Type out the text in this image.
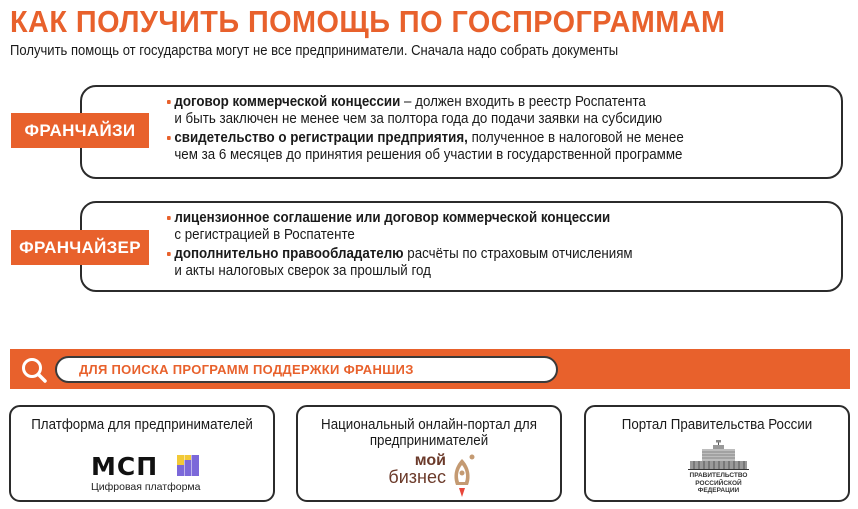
КАК ПОЛУЧИТЬ ПОМОЩЬ ПО ГОСПРОГРАММАМ
Получить помощь от государства могут не все предприниматели. Сначала надо собрать документы
ФРАНЧАЙЗИ
договор коммерческой концессии – должен входить в реестр Роспатента
и быть заключен не менее чем за полтора года до подачи заявки на субсидию
свидетельство о регистрации предприятия, полученное в налоговой не менее
чем за 6 месяцев до принятия решения об участии в государственной программе
ФРАНЧАЙЗЕР
лицензионное соглашение или договор коммерческой концессии
с регистрацией в Роспатенте
дополнительно правообладателю расчёты по страховым отчислениям
и акты налоговых сверок за прошлый год
ДЛЯ ПОИСКА ПРОГРАММ ПОДДЕРЖКИ ФРАНШИЗ
Платформа для предпринимателей
МСП
Цифровая платформа
Национальный онлайн-портал для предпринимателей
мой
бизнес
Портал Правительства России
ПРАВИТЕЛЬСТВО РОССИЙСКОЙ ФЕДЕРАЦИИ
